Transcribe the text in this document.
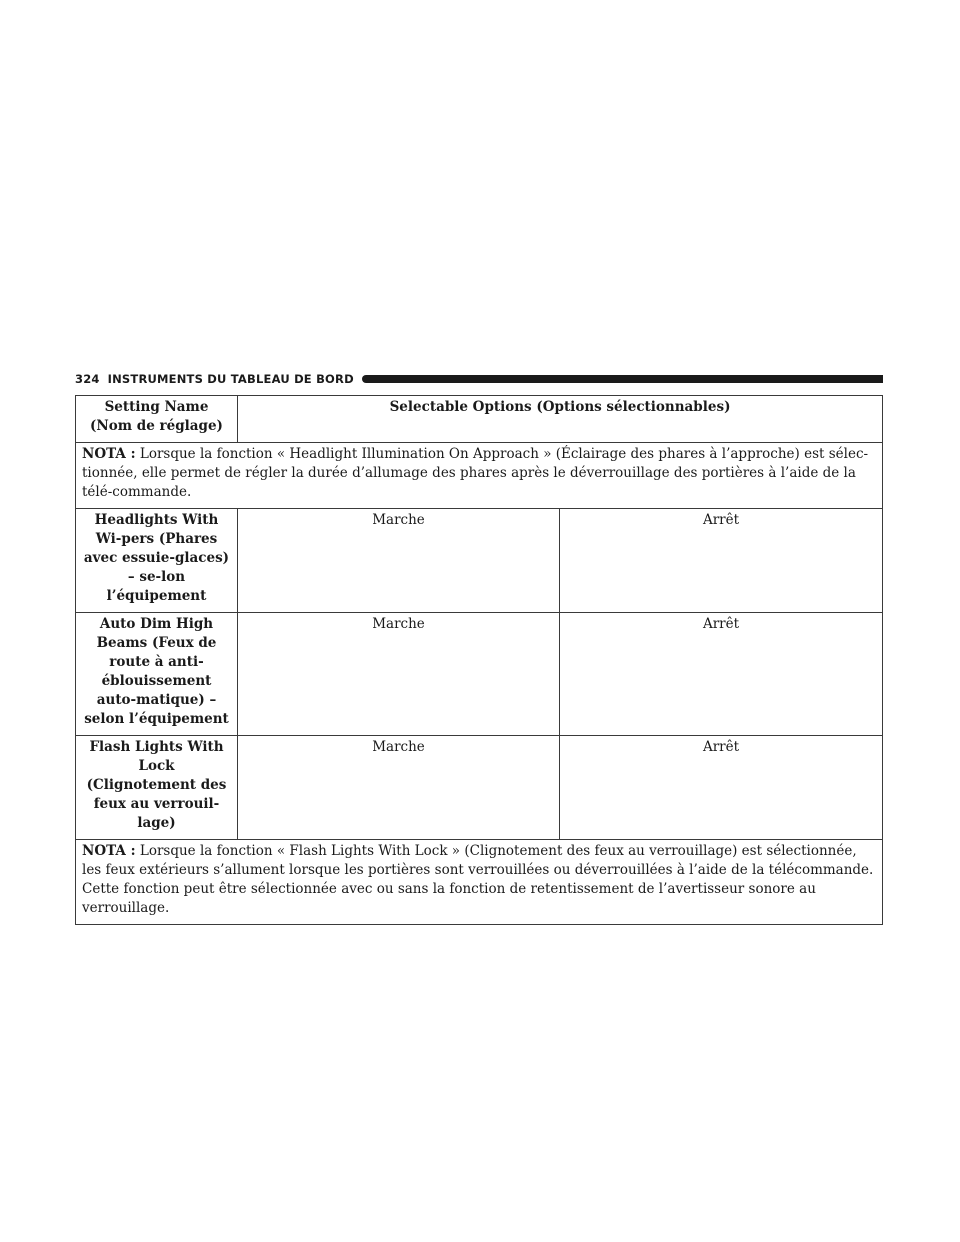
324 INSTRUMENTS DU TABLEAU DE BORD
Setting Name (Nom de réglage)	Selectable Options (Options sélectionnables)	
NOTA : Lorsque la fonction « Headlight Illumination On Approach » (Éclairage des phares à l’approche) est sélec-tionnée, elle permet de régler la durée d’allumage des phares après le déverrouillage des portières à l’aide de la télé-commande.		
Headlights With Wi-pers (Phares avec essuie-glaces) – se-lon l’équipement	Marche	Arrêt
Auto Dim High Beams (Feux de route à anti-éblouissement auto-matique) – selon l’équipement	Marche	Arrêt
Flash Lights With Lock (Clignotement des feux au verrouil-lage)	Marche	Arrêt
NOTA : Lorsque la fonction « Flash Lights With Lock » (Clignotement des feux au verrouillage) est sélectionnée, les feux extérieurs s’allument lorsque les portières sont verrouillées ou déverrouillées à l’aide de la télécommande. Cette fonction peut être sélectionnée avec ou sans la fonction de retentissement de l’avertisseur sonore au verrouillage.		
